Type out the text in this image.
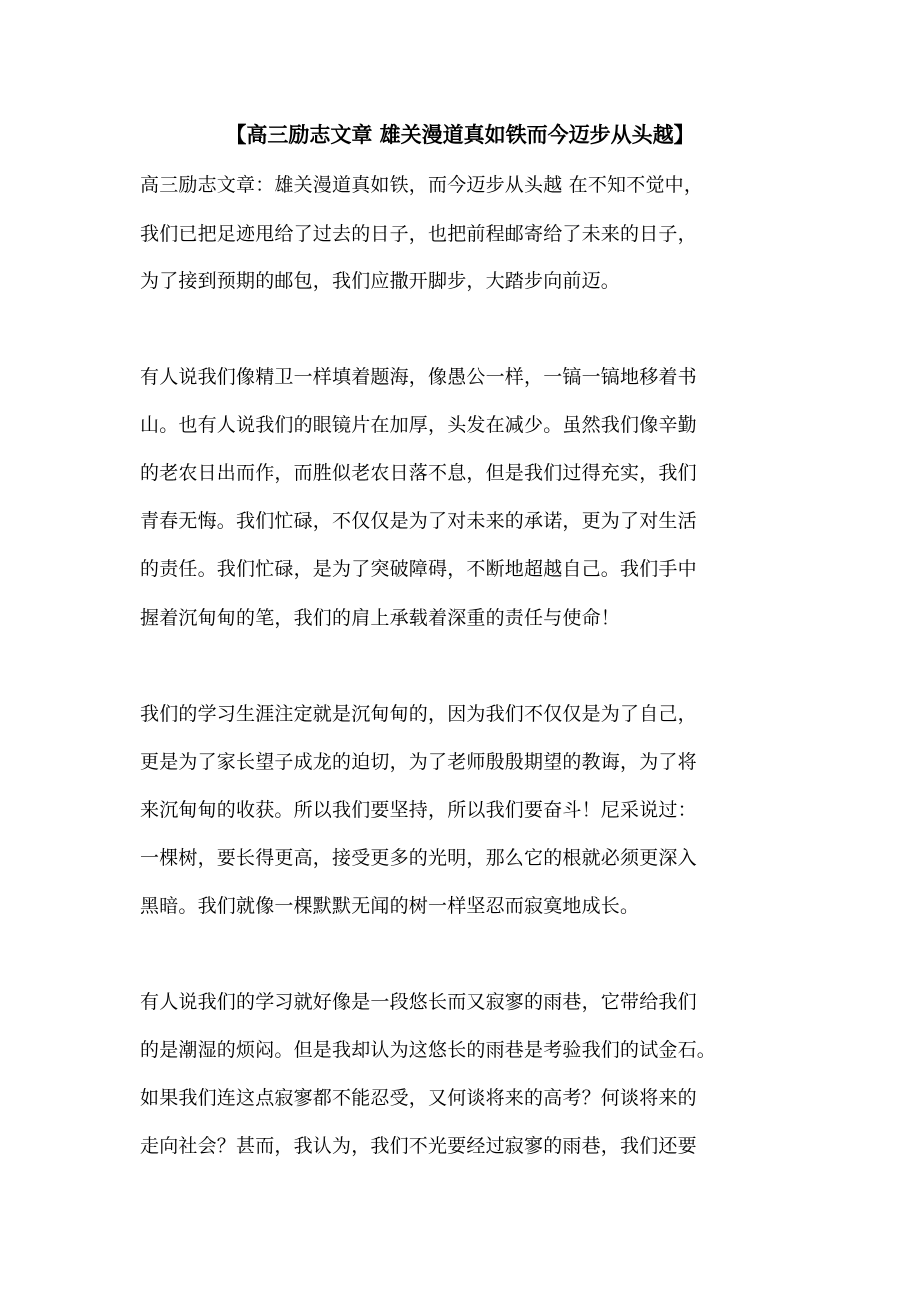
【高三励志文章 雄关漫道真如铁而今迈步从头越】
高三励志文章：雄关漫道真如铁，而今迈步从头越 在不知不觉中，
我们已把足迹甩给了过去的日子，也把前程邮寄给了未来的日子，
为了接到预期的邮包，我们应撒开脚步，大踏步向前迈。
有人说我们像精卫一样填着题海，像愚公一样，一镐一镐地移着书
山。也有人说我们的眼镜片在加厚，头发在减少。虽然我们像辛勤
的老农日出而作，而胜似老农日落不息，但是我们过得充实，我们
青春无悔。我们忙碌，不仅仅是为了对未来的承诺，更为了对生活
的责任。我们忙碌，是为了突破障碍，不断地超越自己。我们手中
握着沉甸甸的笔，我们的肩上承载着深重的责任与使命！
我们的学习生涯注定就是沉甸甸的，因为我们不仅仅是为了自己，
更是为了家长望子成龙的迫切，为了老师殷殷期望的教诲，为了将
来沉甸甸的收获。所以我们要坚持，所以我们要奋斗！尼采说过：
一棵树，要长得更高，接受更多的光明，那么它的根就必须更深入
黑暗。我们就像一棵默默无闻的树一样坚忍而寂寞地成长。
有人说我们的学习就好像是一段悠长而又寂寥的雨巷，它带给我们
的是潮湿的烦闷。但是我却认为这悠长的雨巷是考验我们的试金石。
如果我们连这点寂寥都不能忍受，又何谈将来的高考？何谈将来的
走向社会？甚而，我认为，我们不光要经过寂寥的雨巷，我们还要
